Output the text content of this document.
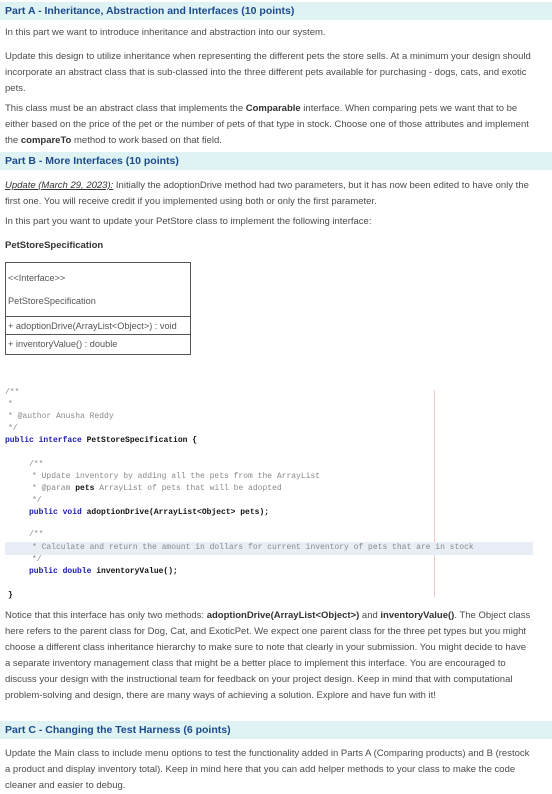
Part A - Inheritance, Abstraction and Interfaces (10 points)

In this part we want to introduce inheritance and abstraction into our system.

Update this design to utilize inheritance when representing the different pets the store sells. At a minimum your design should incorporate an abstract class that is sub-classed into the three different pets available for purchasing - dogs, cats, and exotic pets.

This class must be an abstract class that implements the Comparable interface. When comparing pets we want that to be either based on the price of the pet or the number of pets of that type in stock. Choose one of those attributes and implement the compareTo method to work based on that field.

Part B - More Interfaces (10 points)

Update (March 29, 2023): Initially the adoptionDrive method had two parameters, but it has now been edited to have only the first one. You will receive credit if you implemented using both or only the first parameter.

In this part you want to update your PetStore class to implement the following interface:

PetStoreSpecification
<<Interface>>
PetStoreSpecification
+ adoptionDrive(ArrayList<Object>) : void
+ inventoryValue() : double
/**
*
* @author Anusha Reddy
*/
public interface PetStoreSpecification {
/**
* Update inventory by adding all the pets from the ArrayList
* @param pets ArrayList of pets that will be adopted
*/
public void adoptionDrive(ArrayList<Object> pets);
/**
* Calculate and return the amount in dollars for current inventory of pets that are in stock
*/
public double inventoryValue();
}

Notice that this interface has only two methods: adoptionDrive(ArrayList<Object>) and inventoryValue(). The Object class here refers to the parent class for Dog, Cat, and ExoticPet. We expect one parent class for the three pet types but you might choose a different class inheritance hierarchy to make sure to note that clearly in your submission. You might decide to have a separate inventory management class that might be a better place to implement this interface. You are encouraged to discuss your design with the instructional team for feedback on your project design. Keep in mind that with computational problem-solving and design, there are many ways of achieving a solution. Explore and have fun with it!

Part C - Changing the Test Harness (6 points)

Update the Main class to include menu options to test the functionality added in Parts A (Comparing products) and B (restock a product and display inventory total). Keep in mind here that you can add helper methods to your class to make the code cleaner and easier to debug.
